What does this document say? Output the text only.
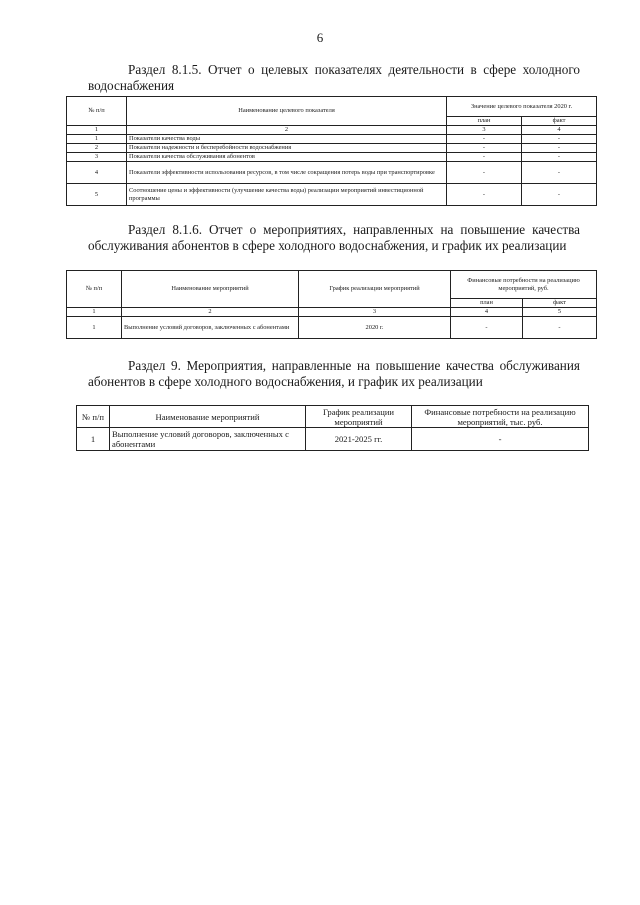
6
Раздел 8.1.5. Отчет о целевых показателях деятельности в сфере холодного водоснабжения
№ п/п	Наименование целевого показателя	Значение целевого показателя 2020 г.	
		план	факт
1	2	3	4
1	Показатели качества воды	-	-
2	Показатели надежности и бесперебойности водоснабжения	-	-
3	Показатели качества обслуживания абонентов	-	-
4	Показатели эффективности использования ресурсов, в том числе сокращения потерь воды при транспортировке	-	-
5	Соотношение цены и эффективности (улучшение качества воды) реализации мероприятий инвестиционной программы	-	-
Раздел 8.1.6. Отчет о мероприятиях, направленных на повышение качества обслуживания абонентов в сфере холодного водоснабжения, и график их реализации
№ п/п	Наименование мероприятий	График реализации мероприятий	Финансовые потребности на реализацию мероприятий, руб.	
			план	факт
1	2	3	4	5
1	Выполнение условий договоров, заключенных с абонентами	2020 г.	-	-
Раздел 9. Мероприятия, направленные на повышение качества обслуживания абонентов в сфере холодного водоснабжения, и график их реализации
№ п/п	Наименование мероприятий	График реализации мероприятий	Финансовые потребности на реализацию мероприятий, тыс. руб.
1	Выполнение условий договоров, заключенных с абонентами	2021-2025 гг.	-
